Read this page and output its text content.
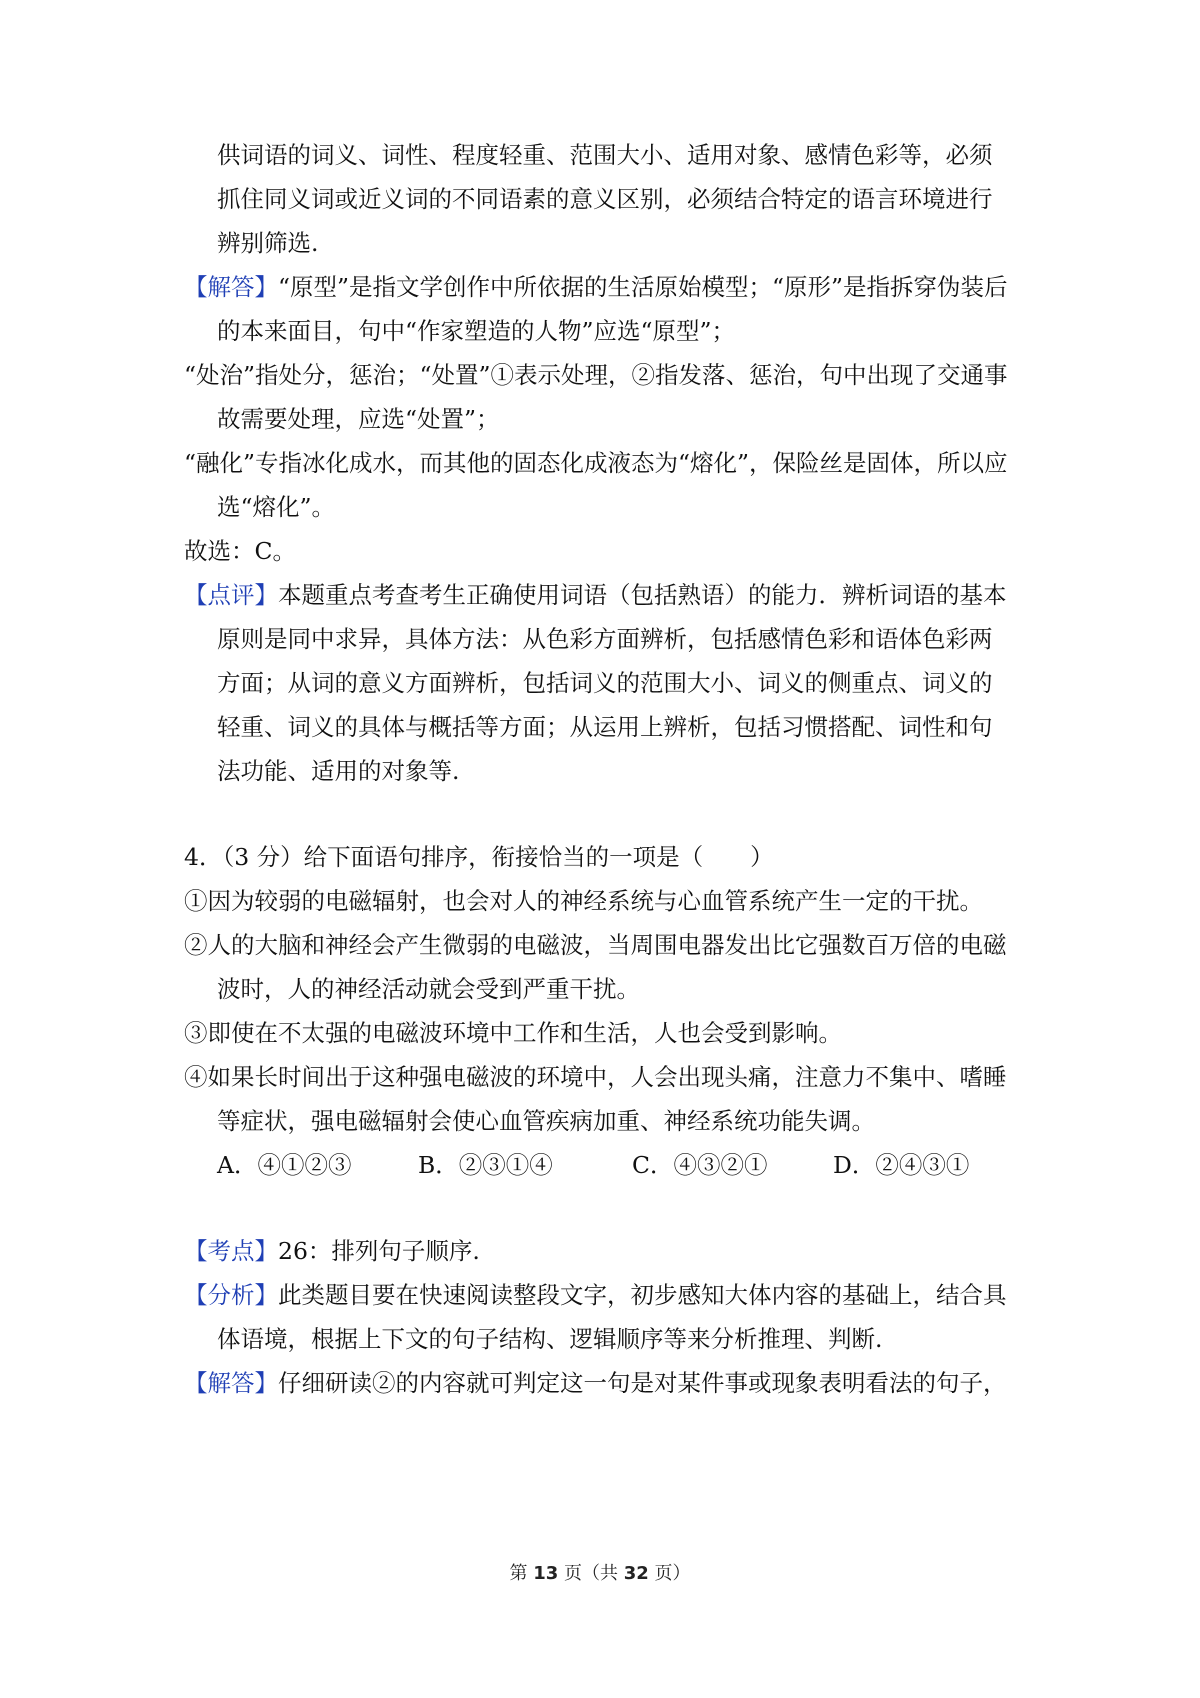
供词语的词义、词性、程度轻重、范围大小、适用对象、感情色彩等，必须
抓住同义词或近义词的不同语素的意义区别，必须结合特定的语言环境进行
辨别筛选.
【解答】“原型”是指文学创作中所依据的生活原始模型；“原形”是指拆穿伪装后
的本来面目，句中“作家塑造的人物”应选“原型”；
“处治”指处分，惩治；“处置”①表示处理，②指发落、惩治，句中出现了交通事
故需要处理，应选“处置”；
“融化”专指冰化成水，而其他的固态化成液态为“熔化”，保险丝是固体，所以应
选“熔化”。
故选：C。
【点评】本题重点考查考生正确使用词语（包括熟语）的能力．辨析词语的基本
原则是同中求异，具体方法：从色彩方面辨析，包括感情色彩和语体色彩两
方面；从词的意义方面辨析，包括词义的范围大小、词义的侧重点、词义的
轻重、词义的具体与概括等方面；从运用上辨析，包括习惯搭配、词性和句
法功能、适用的对象等.
4．（3 分）给下面语句排序，衔接恰当的一项是（　　）
①因为较弱的电磁辐射，也会对人的神经系统与心血管系统产生一定的干扰。
②人的大脑和神经会产生微弱的电磁波，当周围电器发出比它强数百万倍的电磁
波时，人的神经活动就会受到严重干扰。
③即使在不太强的电磁波环境中工作和生活，人也会受到影响。
④如果长时间出于这种强电磁波的环境中，人会出现头痛，注意力不集中、嗜睡
等症状，强电磁辐射会使心血管疾病加重、神经系统功能失调。
A．④①②③	B．②③①④	C．④③②①	D．②④③①
【考点】26：排列句子顺序.
【分析】此类题目要在快速阅读整段文字，初步感知大体内容的基础上，结合具
体语境，根据上下文的句子结构、逻辑顺序等来分析推理、判断.
【解答】仔细研读②的内容就可判定这一句是对某件事或现象表明看法的句子，
第 13 页（共 32 页）
